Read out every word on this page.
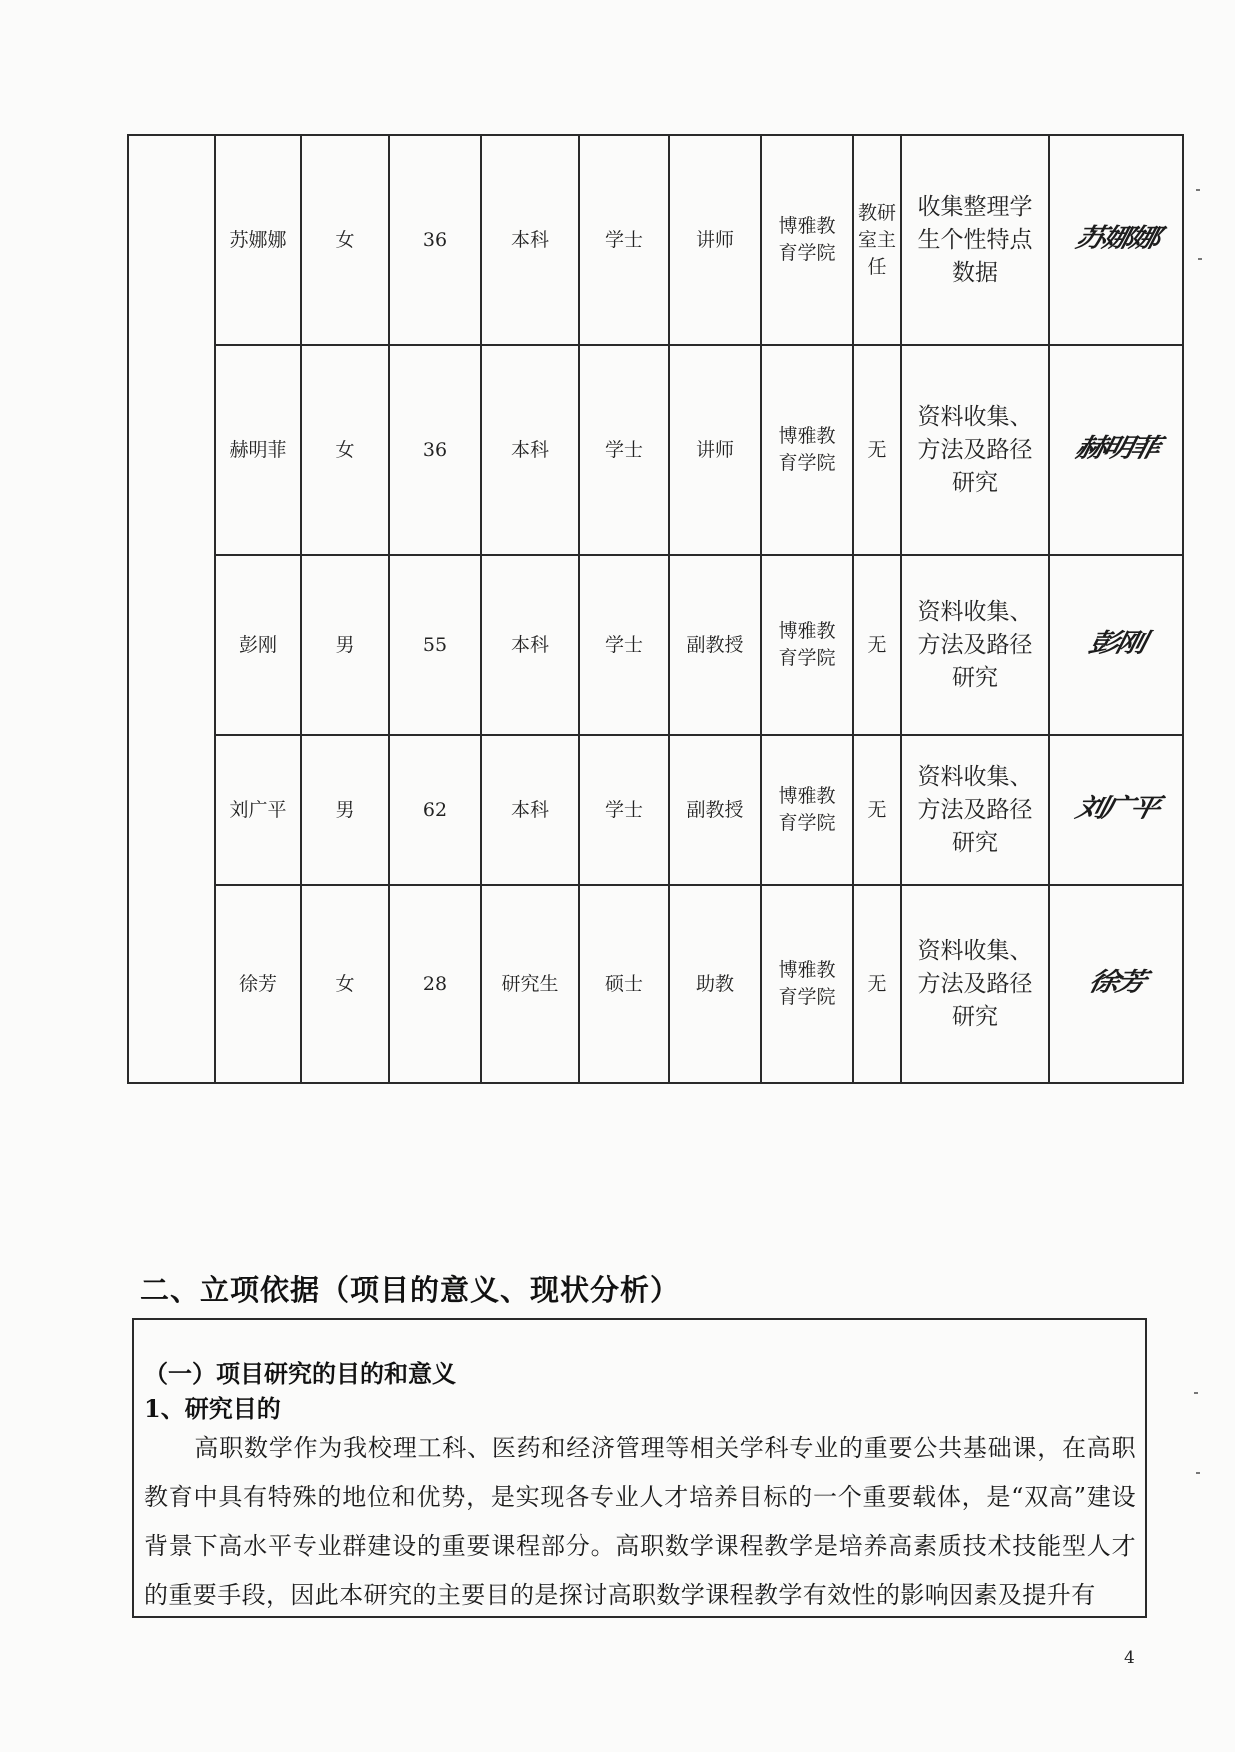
	苏娜娜	女	36	本科	学士	讲师	博雅教育学院	教研室主任	收集整理学生个性特点数据	苏娜娜
	赫明菲	女	36	本科	学士	讲师	博雅教育学院	无	资料收集、方法及路径研究	赫明菲
	彭刚	男	55	本科	学士	副教授	博雅教育学院	无	资料收集、方法及路径研究	彭刚
	刘广平	男	62	本科	学士	副教授	博雅教育学院	无	资料收集、方法及路径研究	刘广平
	徐芳	女	28	研究生	硕士	助教	博雅教育学院	无	资料收集、方法及路径研究	徐芳
二、立项依据（项目的意义、现状分析）
（一）项目研究的目的和意义
1、研究目的
高职数学作为我校理工科、医药和经济管理等相关学科专业的重要公共基础课，在高职教育中具有特殊的地位和优势，是实现各专业人才培养目标的一个重要载体，是“双高”建设背景下高水平专业群建设的重要课程部分。高职数学课程教学是培养高素质技术技能型人才的重要手段，因此本研究的主要目的是探讨高职数学课程教学有效性的影响因素及提升有
4
